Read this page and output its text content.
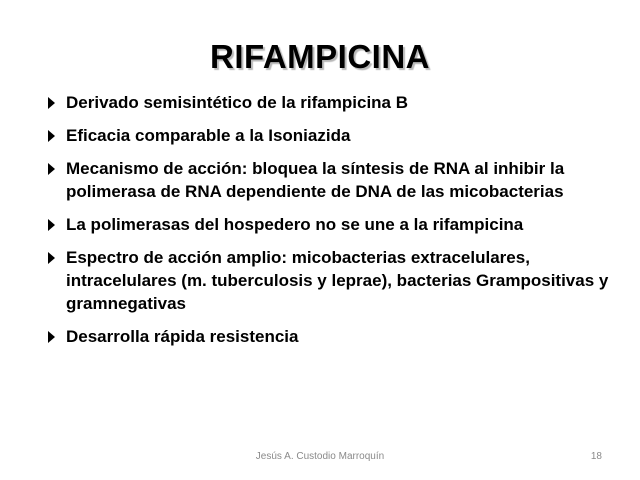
RIFAMPICINA
Derivado semisintético de la rifampicina B
Eficacia comparable a la Isoniazida
Mecanismo de acción: bloquea la síntesis de RNA al inhibir la polimerasa de RNA dependiente de DNA de las micobacterias
La polimerasas del hospedero no se une a la rifampicina
Espectro de acción amplio: micobacterias extracelulares, intracelulares (m. tuberculosis y leprae), bacterias Grampositivas y gramnegativas
Desarrolla rápida resistencia
Jesús A. Custodio Marroquín	18
